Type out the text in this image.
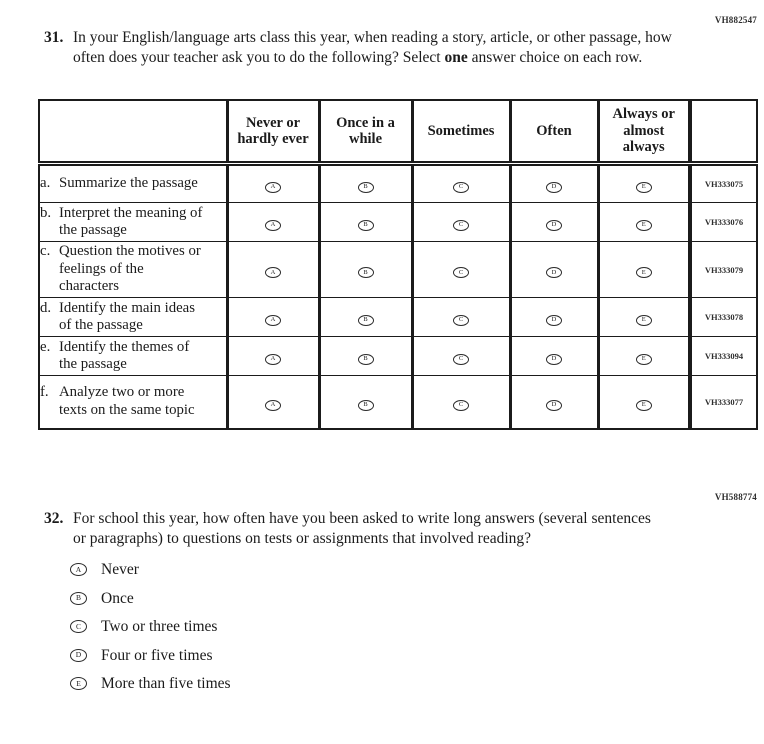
VH882547
31. In your English/language arts class this year, when reading a story, article, or other passage, how often does your teacher ask you to do the following? Select one answer choice on each row.
	Never or hardly ever	Once in a while	Sometimes	Often	Always or almost always	

a. Summarize the passage	A	B	C	D	E	VH333075

b. Interpret the meaning of the passage	A	B	C	D	E	VH333076

c. Question the motives or feelings of the characters	A	B	C	D	E	VH333079

d. Identify the main ideas of the passage	A	B	C	D	E	VH333078

e. Identify the themes of the passage	A	B	C	D	E	VH333094

f. Analyze two or more texts on the same topic	A	B	C	D	E	VH333077
VH588774
32. For school this year, how often have you been asked to write long answers (several sentences or paragraphs) to questions on tests or assignments that involved reading?
A Never
B Once
C Two or three times
D Four or five times
E More than five times
